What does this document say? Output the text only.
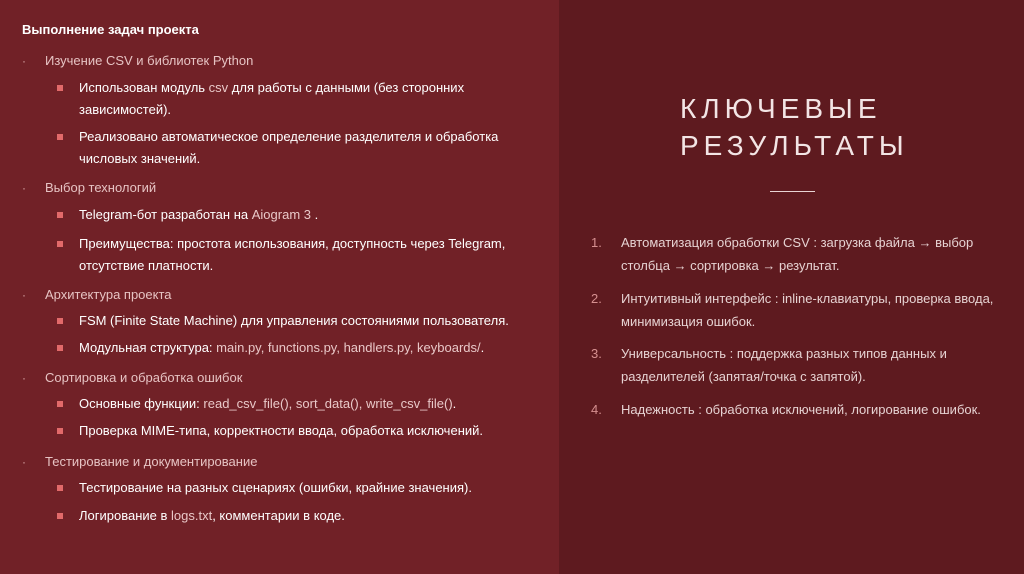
Выполнение задач проекта
· Изучение CSV и библиотек Python

Использован модуль csv для работы с данными (без сторонних зависимостей).

Реализовано автоматическое определение разделителя и обработка числовых значений.

· Выбор технологий

Telegram-бот разработан на Aiogram 3 .

Преимущества: простота использования, доступность через Telegram, отсутствие платности.

· Архитектура проекта

FSM (Finite State Machine) для управления состояниями пользователя.

Модульная структура: main.py, functions.py, handlers.py, keyboards/.

· Сортировка и обработка ошибок

Основные функции: read_csv_file(), sort_data(), write_csv_file().

Проверка MIME-типа, корректности ввода, обработка исключений.

· Тестирование и документирование

Тестирование на разных сценариях (ошибки, крайние значения).

Логирование в logs.txt, комментарии в коде.

КЛЮЧЕВЫЕ
РЕЗУЛЬТАТЫ
1. Автоматизация обработки CSV : загрузка файла → выбор столбца → сортировка → результат.

2. Интуитивный интерфейс : inline-клавиатуры, проверка ввода, минимизация ошибок.

3. Универсальность : поддержка разных типов данных и разделителей (запятая/точка с запятой).

4. Надежность : обработка исключений, логирование ошибок.
